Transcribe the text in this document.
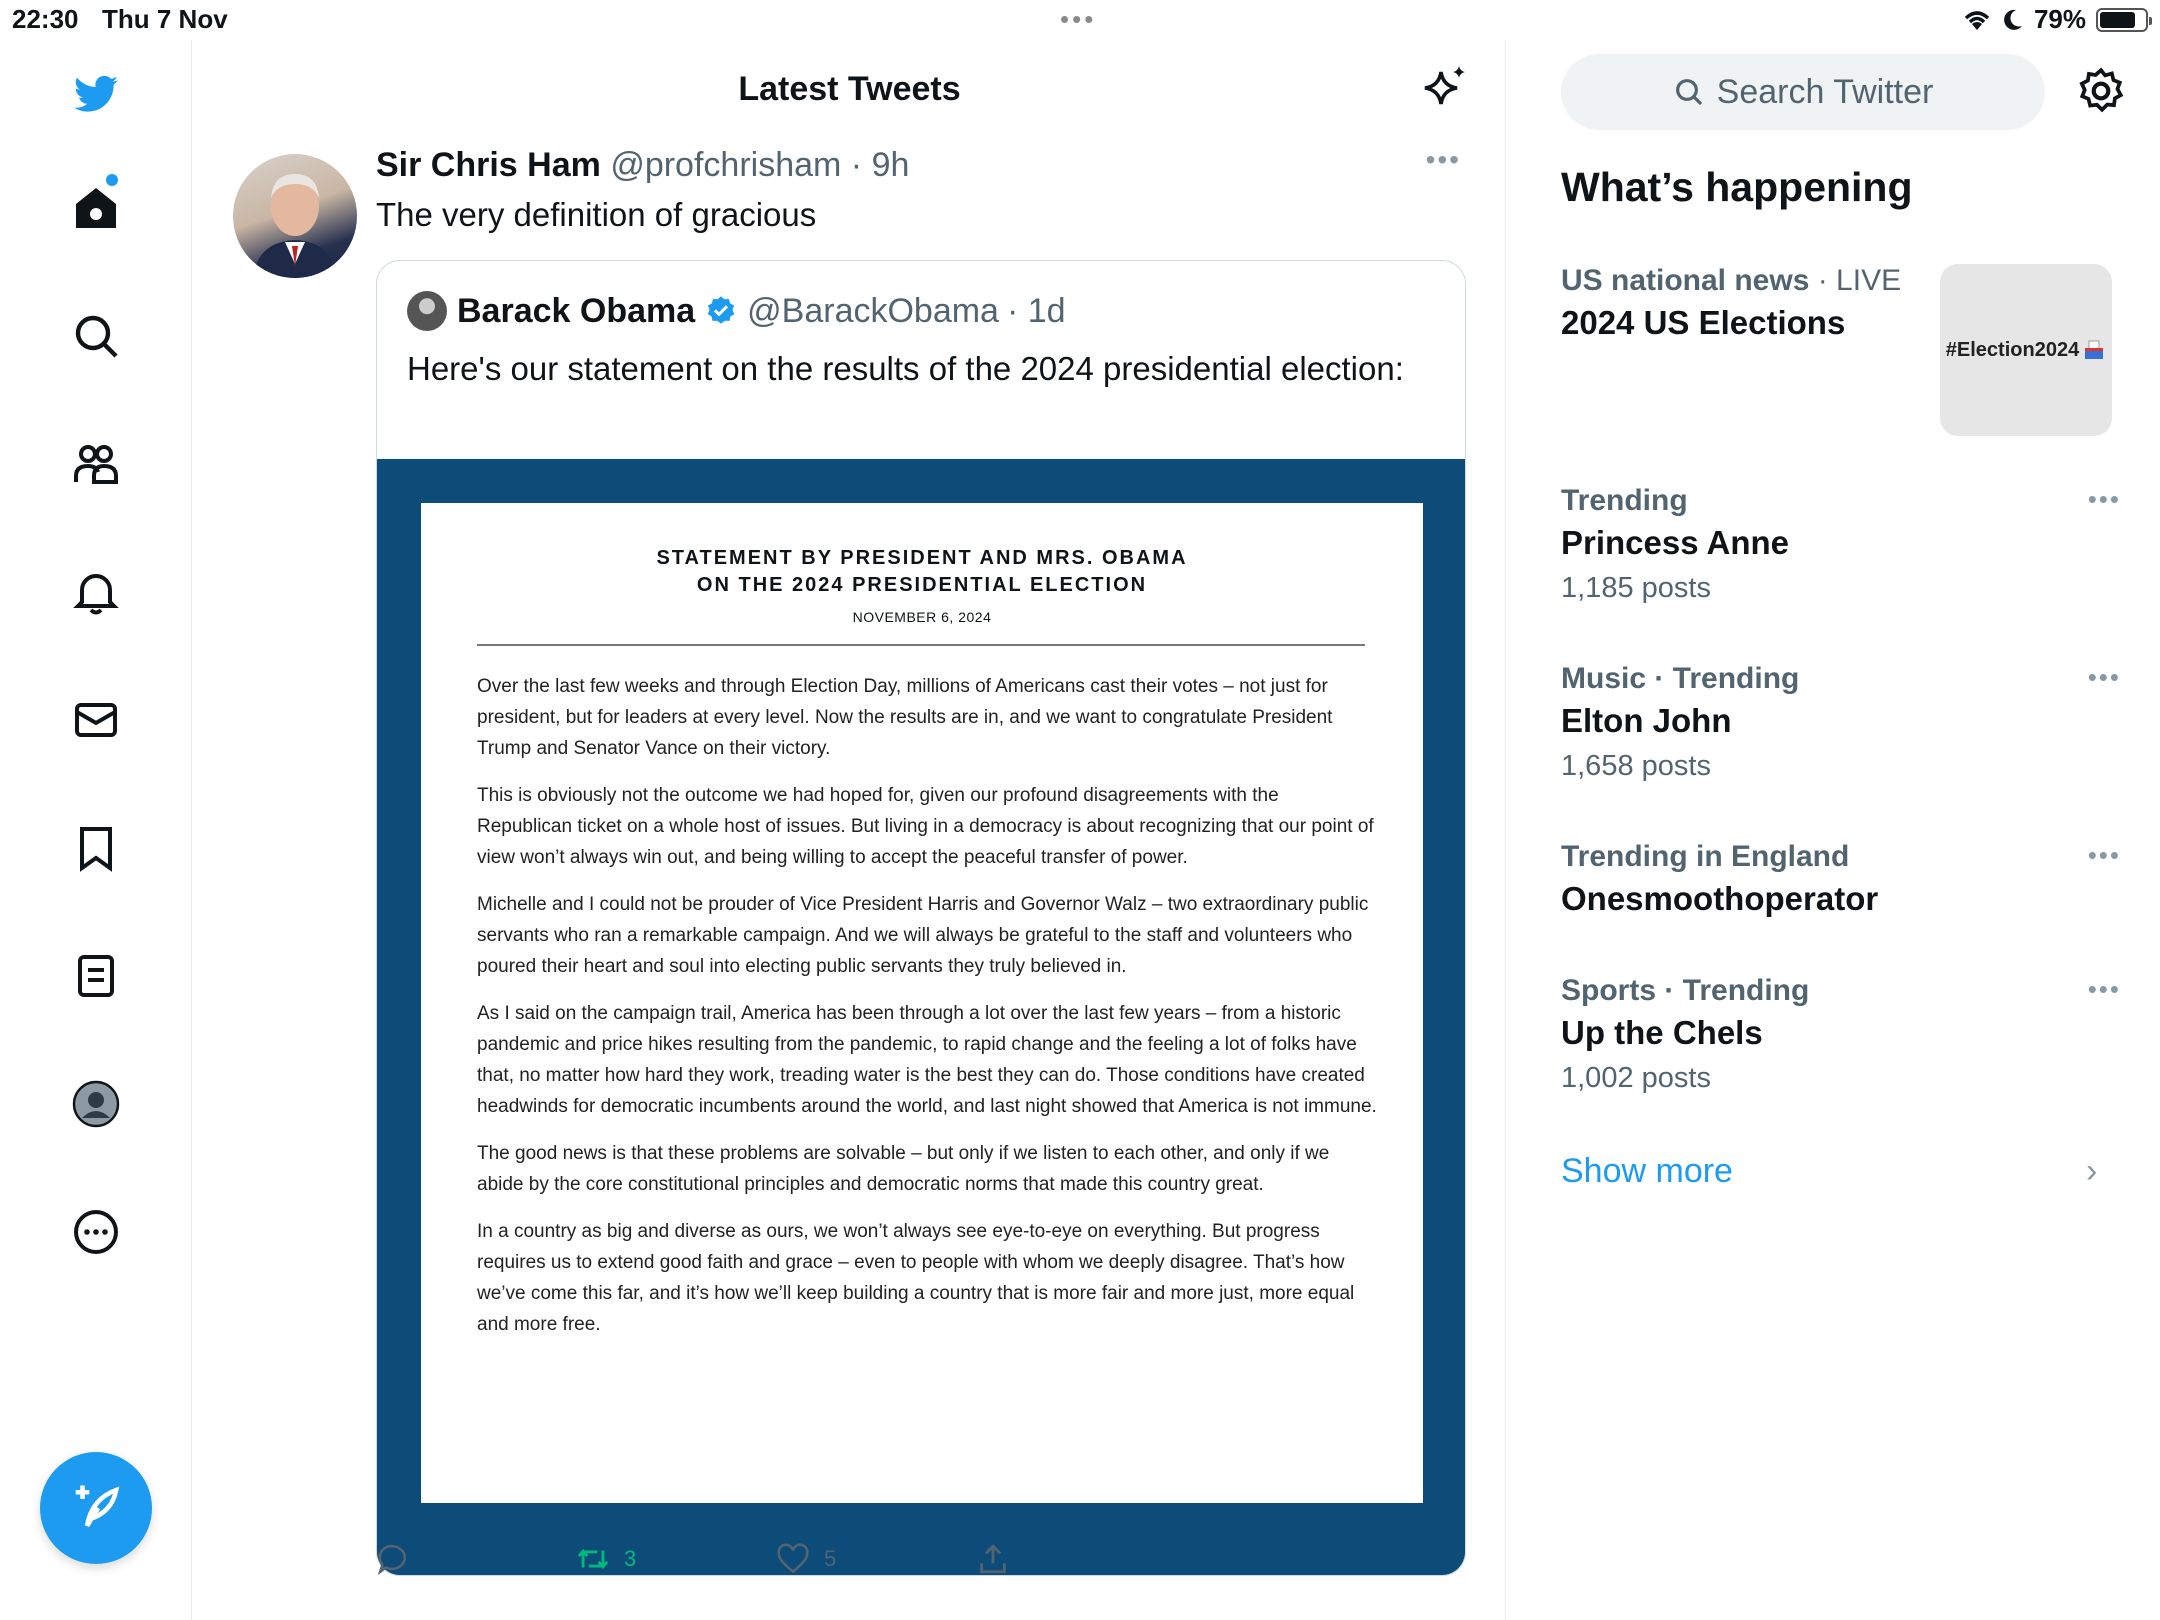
22:30 Thu 7 Nov	•••	79%
Latest Tweets
Sir Chris Ham @profchrisham · 9h	•••
The very definition of gracious
Barack Obama @BarackObama · 1d
Here's our statement on the results of the 2024 presidential election:
STATEMENT BY PRESIDENT AND MRS. OBAMA
ON THE 2024 PRESIDENTIAL ELECTION
NOVEMBER 6, 2024

Over the last few weeks and through Election Day, millions of Americans cast their votes – not just for president, but for leaders at every level. Now the results are in, and we want to congratulate President Trump and Senator Vance on their victory.

This is obviously not the outcome we had hoped for, given our profound disagreements with the Republican ticket on a whole host of issues. But living in a democracy is about recognizing that our point of view won’t always win out, and being willing to accept the peaceful transfer of power.

Michelle and I could not be prouder of Vice President Harris and Governor Walz – two extraordinary public servants who ran a remarkable campaign. And we will always be grateful to the staff and volunteers who poured their heart and soul into electing public servants they truly believed in.

As I said on the campaign trail, America has been through a lot over the last few years – from a historic pandemic and price hikes resulting from the pandemic, to rapid change and the feeling a lot of folks have that, no matter how hard they work, treading water is the best they can do. Those conditions have created headwinds for democratic incumbents around the world, and last night showed that America is not immune.

The good news is that these problems are solvable – but only if we listen to each other, and only if we abide by the core constitutional principles and democratic norms that made this country great.

In a country as big and diverse as ours, we won’t always see eye-to-eye on everything. But progress requires us to extend good faith and grace – even to people with whom we deeply disagree. That’s how we’ve come this far, and it’s how we’ll keep building a country that is more fair and more just, more equal and more free.

3	5
Search Twitter
What’s happening
US national news · LIVE
2024 US Elections
#Election2024
Trending
Princess Anne
1,185 posts
•••
Music · Trending
Elton John
1,658 posts
•••
Trending in England
Onesmoothoperator
•••
Sports · Trending
Up the Chels
1,002 posts
•••
Show more	›
